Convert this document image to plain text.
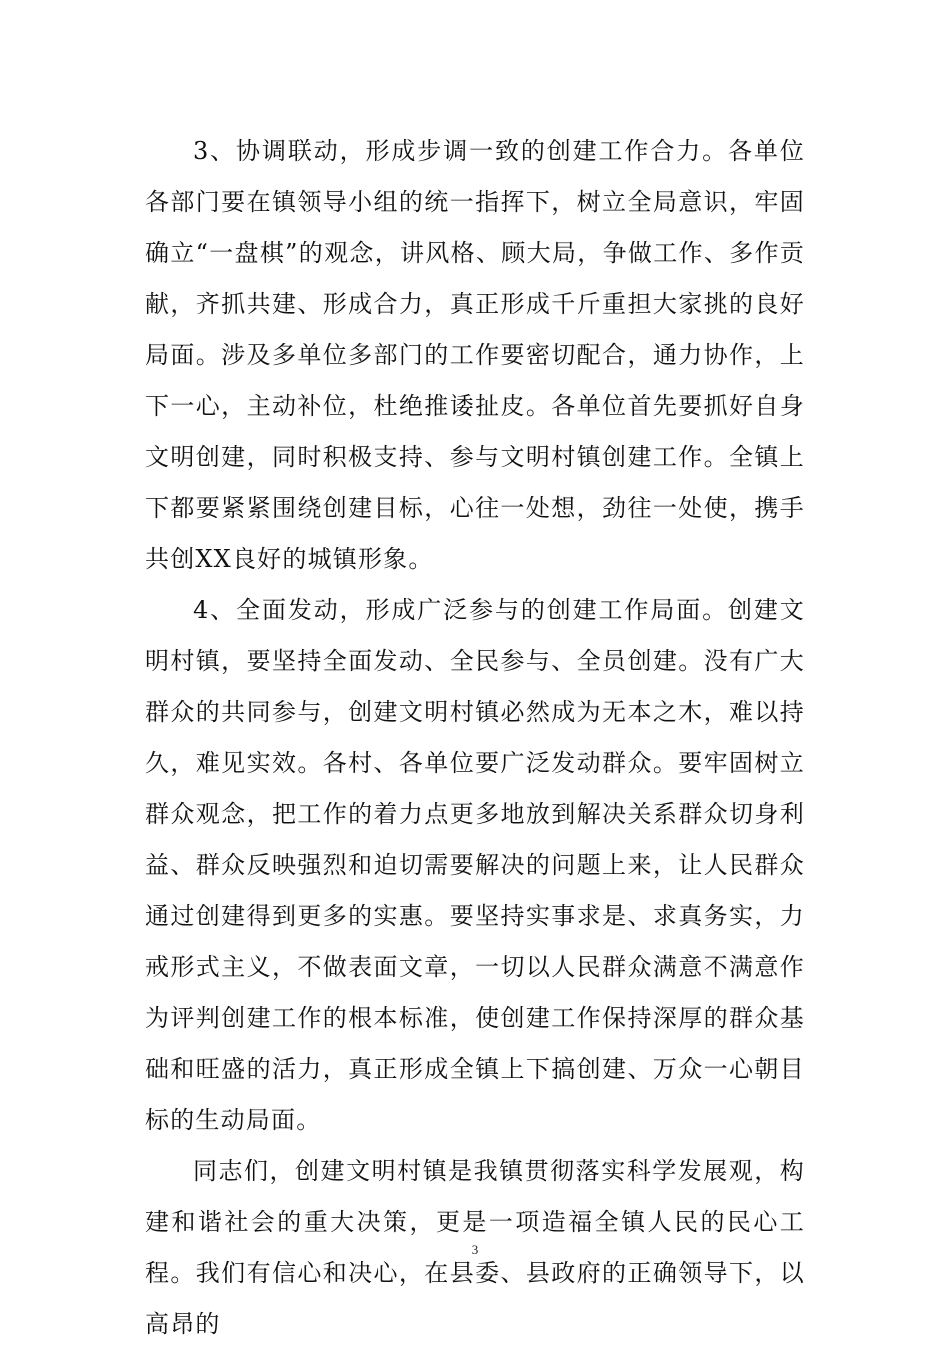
3、协调联动，形成步调一致的创建工作合力。各单位各部门要在镇领导小组的统一指挥下，树立全局意识，牢固确立“一盘棋”的观念，讲风格、顾大局，争做工作、多作贡献，齐抓共建、形成合力，真正形成千斤重担大家挑的良好局面。涉及多单位多部门的工作要密切配合，通力协作，上下一心，主动补位，杜绝推诿扯皮。各单位首先要抓好自身文明创建，同时积极支持、参与文明村镇创建工作。全镇上下都要紧紧围绕创建目标，心往一处想，劲往一处使，携手共创XX良好的城镇形象。

4、全面发动，形成广泛参与的创建工作局面。创建文明村镇，要坚持全面发动、全民参与、全员创建。没有广大群众的共同参与，创建文明村镇必然成为无本之木，难以持久，难见实效。各村、各单位要广泛发动群众。要牢固树立群众观念，把工作的着力点更多地放到解决关系群众切身利益、群众反映强烈和迫切需要解决的问题上来，让人民群众通过创建得到更多的实惠。要坚持实事求是、求真务实，力戒形式主义，不做表面文章，一切以人民群众满意不满意作为评判创建工作的根本标准，使创建工作保持深厚的群众基础和旺盛的活力，真正形成全镇上下搞创建、万众一心朝目标的生动局面。

同志们，创建文明村镇是我镇贯彻落实科学发展观，构建和谐社会的重大决策，更是一项造福全镇人民的民心工程。我们有信心和决心，在县委、县政府的正确领导下，以高昂的

3
